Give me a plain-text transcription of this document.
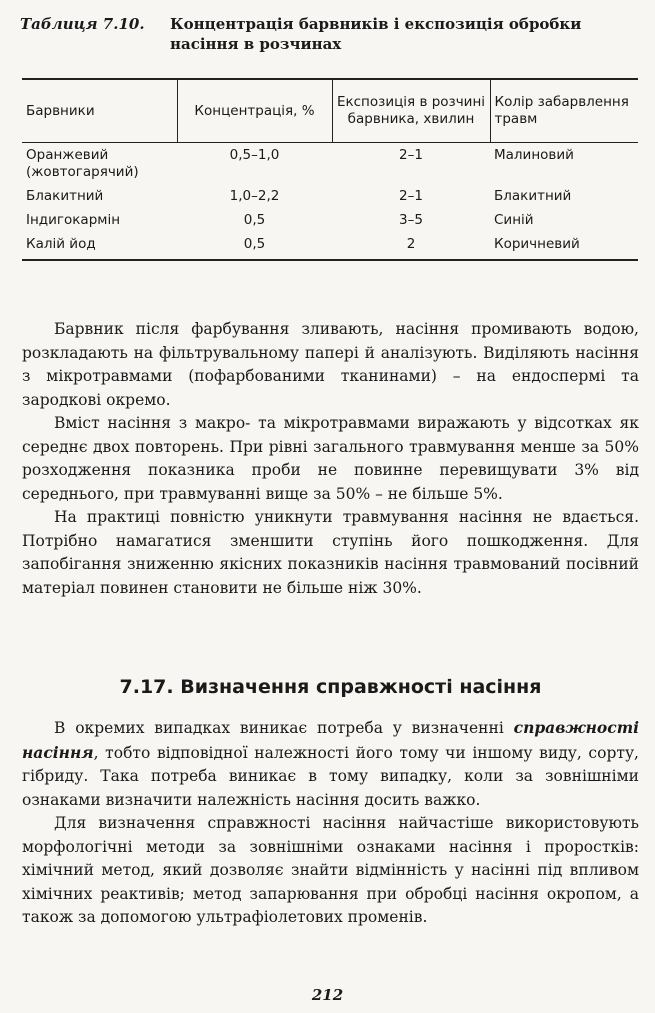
Таблиця 7.10. Концентрація барвників і експозиція обробки насіння в розчинах
Барвники	Концентрація, %	Експозиція в розчині барвника, хвилин	Колір забарвлення травм
Оранжевий (жовтогарячий)	0,5–1,0	2–1	Малиновий
Блакитний	1,0–2,2	2–1	Блакитний
Індигокармін	0,5	3–5	Синій
Калій йод	0,5	2	Коричневий

Барвник після фарбування зливають, насіння промивають водою, розкладають на фільтрувальному папері й аналізують. Виділяють насіння з мікротравмами (пофарбованими тканинами) – на ендоспермі та зародкові окремо.

Вміст насіння з макро- та мікротравмами виражають у відсотках як середнє двох повторень. При рівні загального травмування менше за 50% розходження показника проби не повинне перевищувати 3% від середнього, при травмуванні вище за 50% – не більше 5%.

На практиці повністю уникнути травмування насіння не вдається. Потрібно намагатися зменшити ступінь його пошкодження. Для запобігання зниженню якісних показників насіння травмований посівний матеріал повинен становити не більше ніж 30%.

7.17. Визначення справжності насіння

В окремих випадках виникає потреба у визначенні справжності насіння, тобто відповідної належності його тому чи іншому виду, сорту, гібриду. Така потреба виникає в тому випадку, коли за зовнішніми ознаками визначити належність насіння досить важко.

Для визначення справжності насіння найчастіше використовують морфологічні методи за зовнішніми ознаками насіння і проростків: хімічний метод, який дозволяє знайти відмінність у насінні під впливом хімічних реактивів; метод запарювання при обробці насіння окропом, а також за допомогою ультрафіолетових променів.

212
